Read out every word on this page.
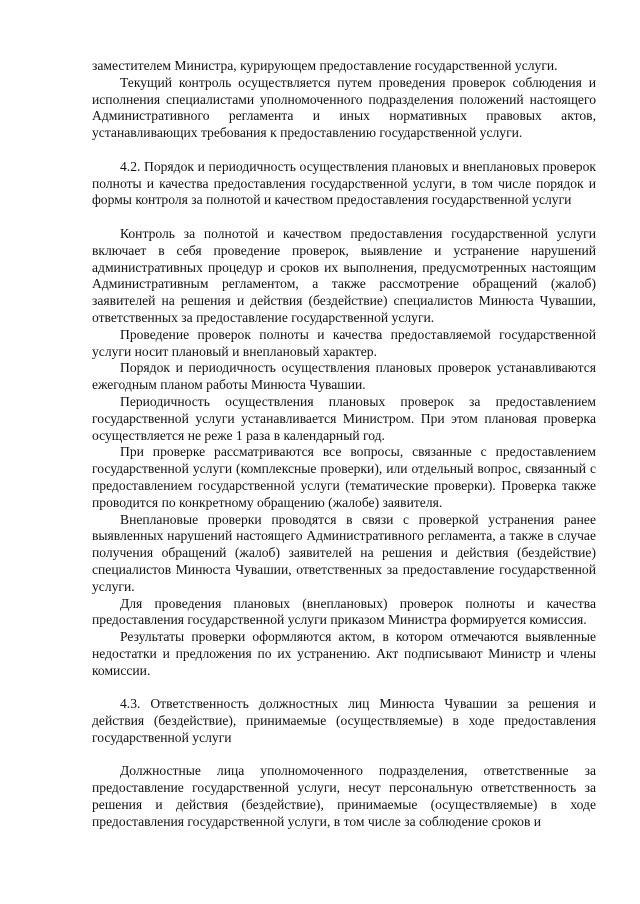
заместителем Министра, курирующем предоставление государственной услуги.

Текущий контроль осуществляется путем проведения проверок соблюдения и исполнения специалистами уполномоченного подразделения положений настоящего Административного регламента и иных нормативных правовых актов, устанавливающих требования к предоставлению государственной услуги.

4.2. Порядок и периодичность осуществления плановых и внеплановых проверок полноты и качества предоставления государственной услуги, в том числе порядок и формы контроля за полнотой и качеством предоставления государственной услуги

Контроль за полнотой и качеством предоставления государственной услуги включает в себя проведение проверок, выявление и устранение нарушений административных процедур и сроков их выполнения, предусмотренных настоящим Административным регламентом, а также рассмотрение обращений (жалоб) заявителей на решения и действия (бездействие) специалистов Минюста Чувашии, ответственных за предоставление государственной услуги.

Проведение проверок полноты и качества предоставляемой государственной услуги носит плановый и внеплановый характер.

Порядок и периодичность осуществления плановых проверок устанавливаются ежегодным планом работы Минюста Чувашии.

Периодичность осуществления плановых проверок за предоставлением государственной услуги устанавливается Министром. При этом плановая проверка осуществляется не реже 1 раза в календарный год.

При проверке рассматриваются все вопросы, связанные с предоставлением государственной услуги (комплексные проверки), или отдельный вопрос, связанный с предоставлением государственной услуги (тематические проверки). Проверка также проводится по конкретному обращению (жалобе) заявителя.

Внеплановые проверки проводятся в связи с проверкой устранения ранее выявленных нарушений настоящего Административного регламента, а также в случае получения обращений (жалоб) заявителей на решения и действия (бездействие) специалистов Минюста Чувашии, ответственных за предоставление государственной услуги.

Для проведения плановых (внеплановых) проверок полноты и качества предоставления государственной услуги приказом Министра формируется комиссия.

Результаты проверки оформляются актом, в котором отмечаются выявленные недостатки и предложения по их устранению. Акт подписывают Министр и члены комиссии.

4.3. Ответственность должностных лиц Минюста Чувашии за решения и действия (бездействие), принимаемые (осуществляемые) в ходе предоставления государственной услуги

Должностные лица уполномоченного подразделения, ответственные за предоставление государственной услуги, несут персональную ответственность за решения и действия (бездействие), принимаемые (осуществляемые) в ходе предоставления государственной услуги, в том числе за соблюдение сроков и
